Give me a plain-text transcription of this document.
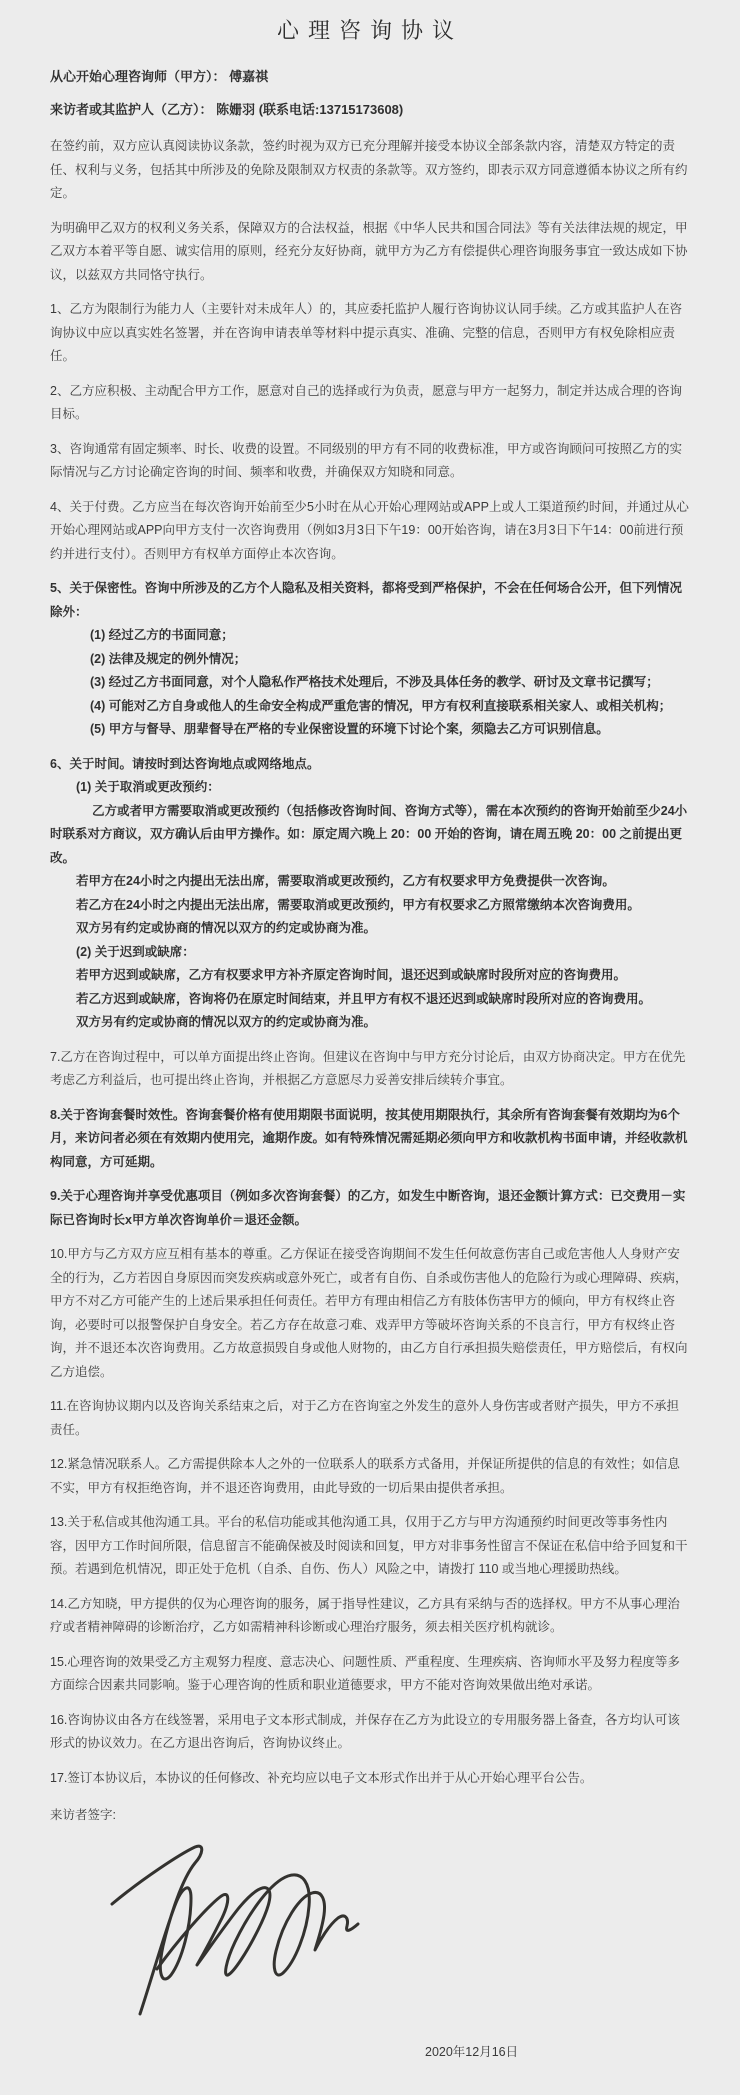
心理咨询协议

从心开始心理咨询师（甲方）： 傅嘉祺

来访者或其监护人（乙方）： 陈姗羽 (联系电话:13715173608)

在签约前，双方应认真阅读协议条款，签约时视为双方已充分理解并接受本协议全部条款内容，清楚双方特定的责任、权利与义务，包括其中所涉及的免除及限制双方权责的条款等。双方签约，即表示双方同意遵循本协议之所有约定。

为明确甲乙双方的权利义务关系，保障双方的合法权益，根据《中华人民共和国合同法》等有关法律法规的规定，甲乙双方本着平等自愿、诚实信用的原则，经充分友好协商，就甲方为乙方有偿提供心理咨询服务事宜一致达成如下协议，以兹双方共同恪守执行。

1、乙方为限制行为能力人（主要针对未成年人）的，其应委托监护人履行咨询协议认同手续。乙方或其监护人在咨询协议中应以真实姓名签署，并在咨询申请表单等材料中提示真实、准确、完整的信息，否则甲方有权免除相应责任。

2、乙方应积极、主动配合甲方工作，愿意对自己的选择或行为负责，愿意与甲方一起努力，制定并达成合理的咨询目标。

3、咨询通常有固定频率、时长、收费的设置。不同级别的甲方有不同的收费标准，甲方或咨询顾问可按照乙方的实际情况与乙方讨论确定咨询的时间、频率和收费，并确保双方知晓和同意。

4、关于付费。乙方应当在每次咨询开始前至少5小时在从心开始心理网站或APP上或人工渠道预约时间，并通过从心开始心理网站或APP向甲方支付一次咨询费用（例如3月3日下午19：00开始咨询，请在3月3日下午14：00前进行预约并进行支付）。否则甲方有权单方面停止本次咨询。

5、关于保密性。咨询中所涉及的乙方个人隐私及相关资料，都将受到严格保护，不会在任何场合公开，但下列情况除外：

(1) 经过乙方的书面同意；

(2) 法律及规定的例外情况；

(3) 经过乙方书面同意，对个人隐私作严格技术处理后，不涉及具体任务的教学、研讨及文章书记撰写；

(4) 可能对乙方自身或他人的生命安全构成严重危害的情况，甲方有权利直接联系相关家人、或相关机构；

(5) 甲方与督导、朋辈督导在严格的专业保密设置的环境下讨论个案，须隐去乙方可识别信息。

6、关于时间。请按时到达咨询地点或网络地点。

(1) 关于取消或更改预约：

乙方或者甲方需要取消或更改预约（包括修改咨询时间、咨询方式等），需在本次预约的咨询开始前至少24小时联系对方商议，双方确认后由甲方操作。如：原定周六晚上 20：00 开始的咨询，请在周五晚 20：00 之前提出更改。

若甲方在24小时之内提出无法出席，需要取消或更改预约，乙方有权要求甲方免费提供一次咨询。

若乙方在24小时之内提出无法出席，需要取消或更改预约，甲方有权要求乙方照常缴纳本次咨询费用。

双方另有约定或协商的情况以双方的约定或协商为准。

(2) 关于迟到或缺席：

若甲方迟到或缺席，乙方有权要求甲方补齐原定咨询时间，退还迟到或缺席时段所对应的咨询费用。

若乙方迟到或缺席，咨询将仍在原定时间结束，并且甲方有权不退还迟到或缺席时段所对应的咨询费用。

双方另有约定或协商的情况以双方的约定或协商为准。

7.乙方在咨询过程中，可以单方面提出终止咨询。但建议在咨询中与甲方充分讨论后，由双方协商决定。甲方在优先考虑乙方利益后，也可提出终止咨询，并根据乙方意愿尽力妥善安排后续转介事宜。

8.关于咨询套餐时效性。咨询套餐价格有使用期限书面说明，按其使用期限执行，其余所有咨询套餐有效期均为6个月，来访问者必须在有效期内使用完，逾期作废。如有特殊情况需延期必须向甲方和收款机构书面申请，并经收款机构同意，方可延期。

9.关于心理咨询并享受优惠项目（例如多次咨询套餐）的乙方，如发生中断咨询，退还金额计算方式：已交费用－实际已咨询时长x甲方单次咨询单价＝退还金额。

10.甲方与乙方双方应互相有基本的尊重。乙方保证在接受咨询期间不发生任何故意伤害自己或危害他人人身财产安全的行为，乙方若因自身原因而突发疾病或意外死亡，或者有自伤、自杀或伤害他人的危险行为或心理障碍、疾病，甲方不对乙方可能产生的上述后果承担任何责任。若甲方有理由相信乙方有肢体伤害甲方的倾向，甲方有权终止咨询，必要时可以报警保护自身安全。若乙方存在故意刁难、戏弄甲方等破坏咨询关系的不良言行，甲方有权终止咨询，并不退还本次咨询费用。乙方故意损毁自身或他人财物的，由乙方自行承担损失赔偿责任，甲方赔偿后，有权向乙方追偿。

11.在咨询协议期内以及咨询关系结束之后，对于乙方在咨询室之外发生的意外人身伤害或者财产损失，甲方不承担责任。

12.紧急情况联系人。乙方需提供除本人之外的一位联系人的联系方式备用，并保证所提供的信息的有效性；如信息不实，甲方有权拒绝咨询，并不退还咨询费用，由此导致的一切后果由提供者承担。

13.关于私信或其他沟通工具。平台的私信功能或其他沟通工具，仅用于乙方与甲方沟通预约时间更改等事务性内容，因甲方工作时间所限，信息留言不能确保被及时阅读和回复，甲方对非事务性留言不保证在私信中给予回复和干预。若遇到危机情况，即正处于危机（自杀、自伤、伤人）风险之中，请拨打 110 或当地心理援助热线。

14.乙方知晓，甲方提供的仅为心理咨询的服务，属于指导性建议，乙方具有采纳与否的选择权。甲方不从事心理治疗或者精神障碍的诊断治疗，乙方如需精神科诊断或心理治疗服务，须去相关医疗机构就诊。

15.心理咨询的效果受乙方主观努力程度、意志决心、问题性质、严重程度、生理疾病、咨询师水平及努力程度等多方面综合因素共同影响。鉴于心理咨询的性质和职业道德要求，甲方不能对咨询效果做出绝对承诺。

16.咨询协议由各方在线签署，采用电子文本形式制成，并保存在乙方为此设立的专用服务器上备查，各方均认可该形式的协议效力。在乙方退出咨询后，咨询协议终止。

17.签订本协议后，本协议的任何修改、补充均应以电子文本形式作出并于从心开始心理平台公告。

来访者签字:

2020年12月16日
